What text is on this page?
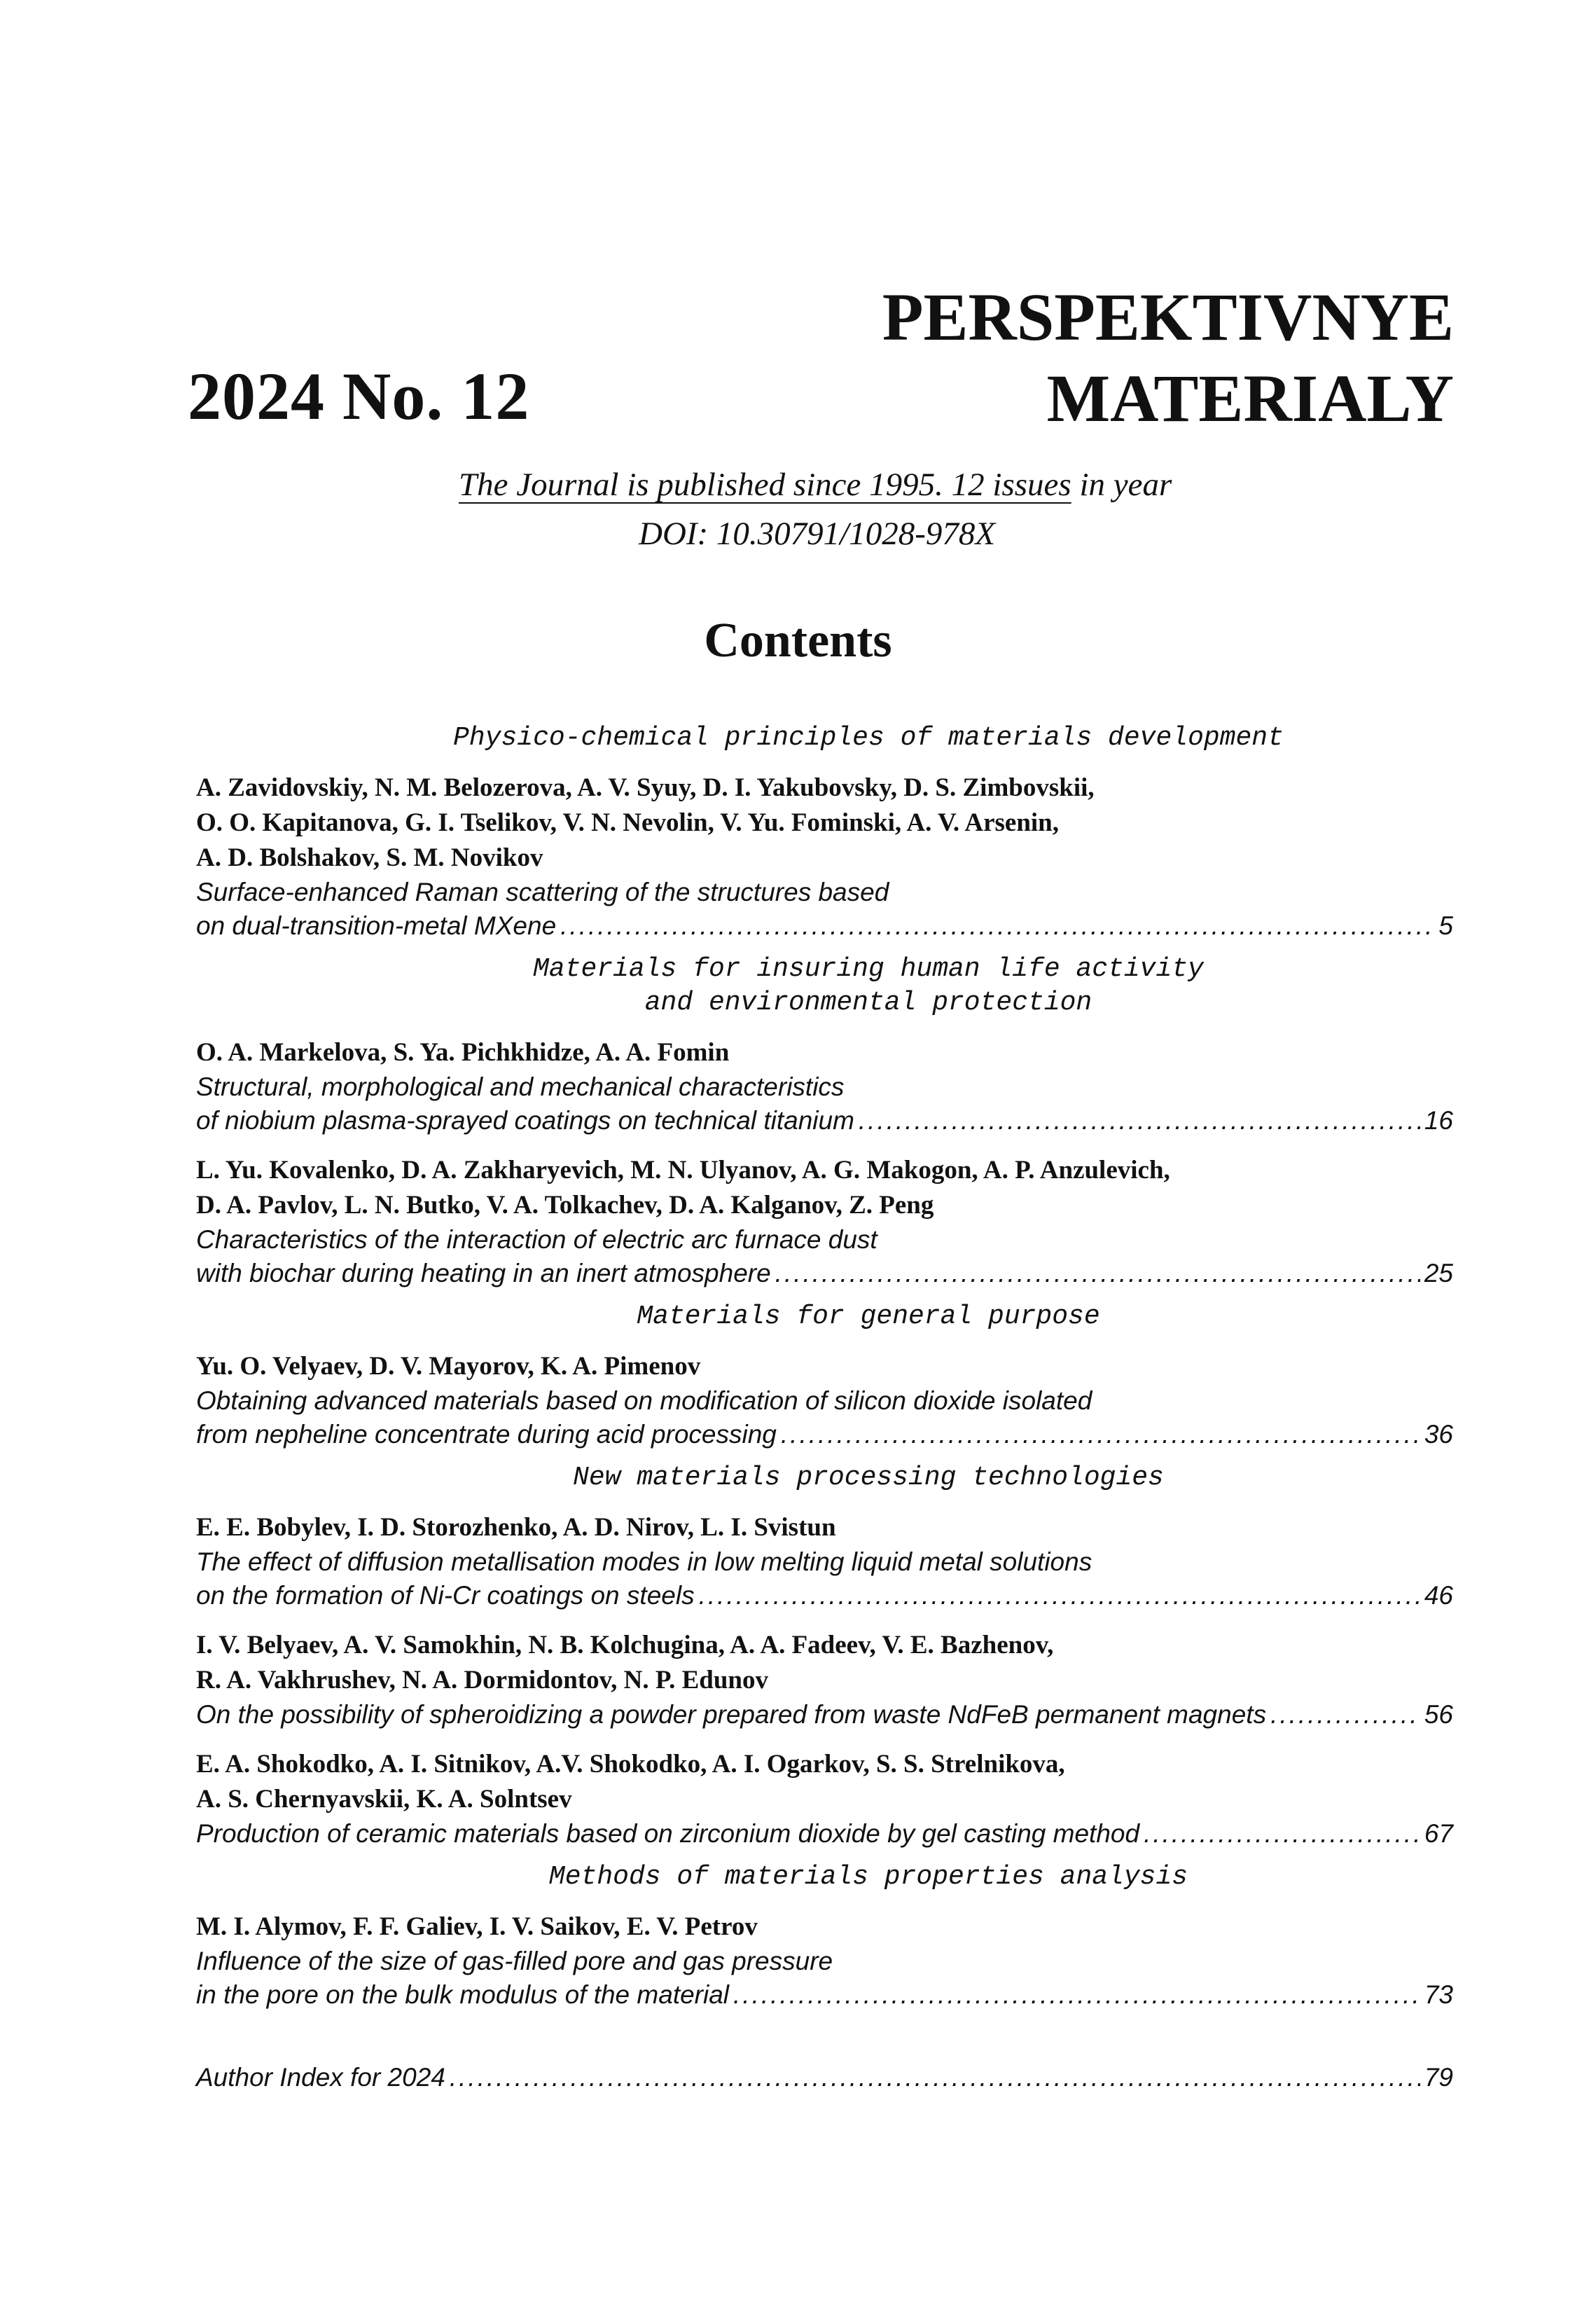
2024 No. 12
PERSPEKTIVNYE
MATERIALY
The Journal is published since 1995. 12 issues in year
DOI: 10.30791/1028-978X
Contents
Physico-chemical principles of materials development
A. Zavidovskiy, N. M. Belozerova, A. V. Syuy, D. I. Yakubovsky, D. S. Zimbovskii,
O. O. Kapitanova, G. I. Tselikov, V. N. Nevolin, V. Yu. Fominski, A. V. Arsenin,
A. D. Bolshakov, S. M. Novikov
Surface-enhanced Raman scattering of the structures based
on dual-transition-metal MXene .....	5
Materials for insuring human life activity
and environmental protection
O. A. Markelova, S. Ya. Pichkhidze, A. A. Fomin
Structural, morphological and mechanical characteristics
of niobium plasma-sprayed coatings on technical titanium .....	16
L. Yu. Kovalenko, D. A. Zakharyevich, M. N. Ulyanov, A. G. Makogon, A. P. Anzulevich,
D. A. Pavlov, L. N. Butko, V. A. Tolkachev, D. A. Kalganov, Z. Peng
Characteristics of the interaction of electric arc furnace dust
with biochar during heating in an inert atmosphere .....	25
Materials for general purpose
Yu. O. Velyaev, D. V. Mayorov, K. A. Pimenov
Obtaining advanced materials based on modification of silicon dioxide isolated
from nepheline concentrate during acid processing .....	36
New materials processing technologies
E. E. Bobylev, I. D. Storozhenko, A. D. Nirov, L. I. Svistun
The effect of diffusion metallisation modes in low melting liquid metal solutions
on the formation of Ni-Cr coatings on steels .....	46
I. V. Belyaev, A. V. Samokhin, N. B. Kolchugina, A. A. Fadeev, V. E. Bazhenov,
R. A. Vakhrushev, N. A. Dormidontov, N. P. Edunov
On the possibility of spheroidizing a powder prepared from waste NdFeB permanent magnets .....	56
E. A. Shokodko, A. I. Sitnikov, A.V. Shokodko, A. I. Ogarkov, S. S. Strelnikova,
A. S. Chernyavskii, K. A. Solntsev
Production of ceramic materials based on zirconium dioxide by gel casting method .....	67
Methods of materials properties analysis
M. I. Alymov, F. F. Galiev, I. V. Saikov, E. V. Petrov
Influence of the size of gas-filled pore and gas pressure
in the pore on the bulk modulus of the material .....	73
Author Index for 2024 .....	79
